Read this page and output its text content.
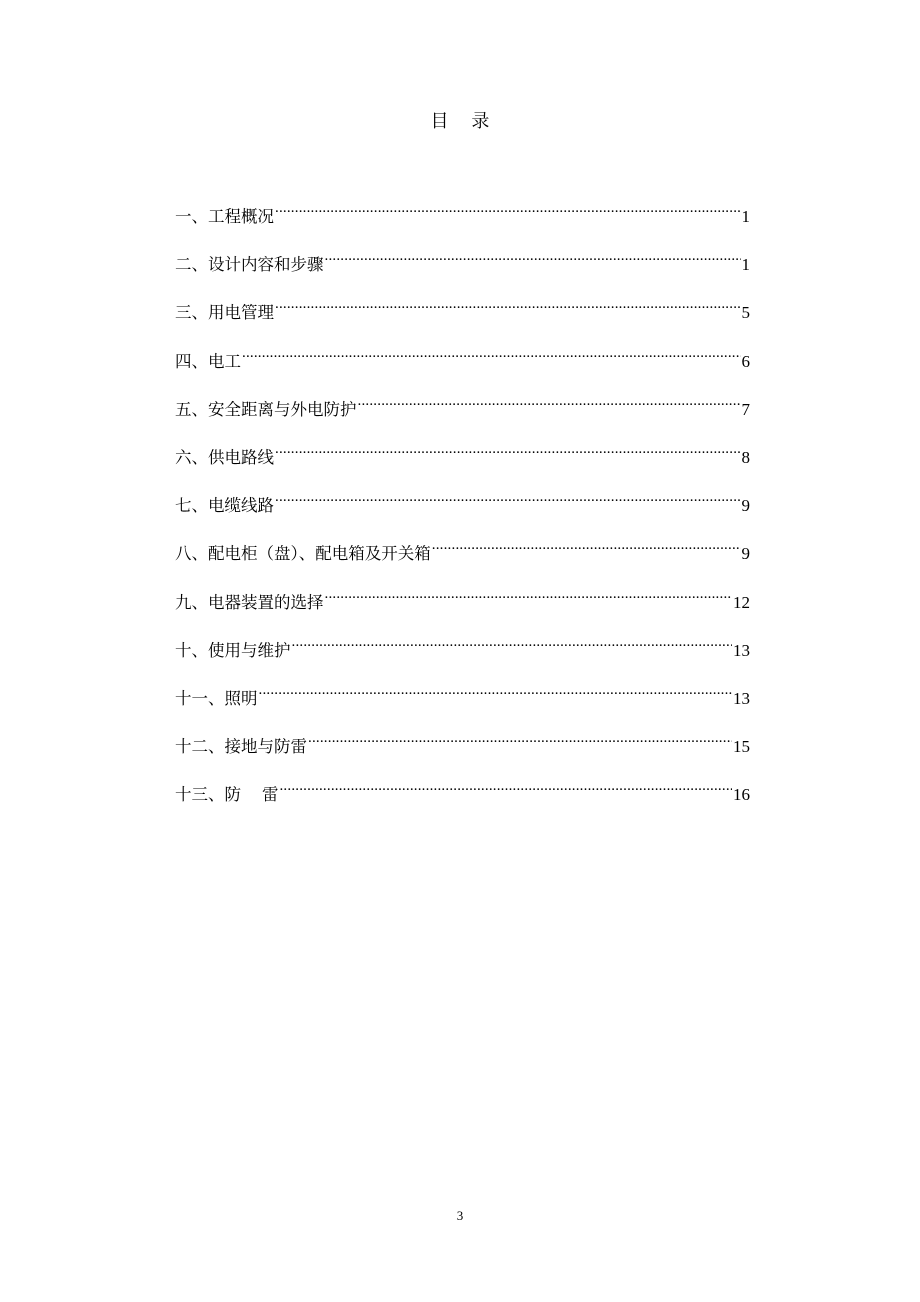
目    录
一、工程概况 .....	1
二、设计内容和步骤 .....	1
三、用电管理 .....	5
四、电工 .....	6
五、安全距离与外电防护 .....	7
六、供电路线 .....	8
七、电缆线路 .....	9
八、配电柜（盘）、配电箱及开关箱 .....	9
九、电器装置的选择 .....	12
十、使用与维护 .....	13
十一、照明 .....	13
十二、接地与防雷 .....	15
十三、防    雷 .....	16
3
